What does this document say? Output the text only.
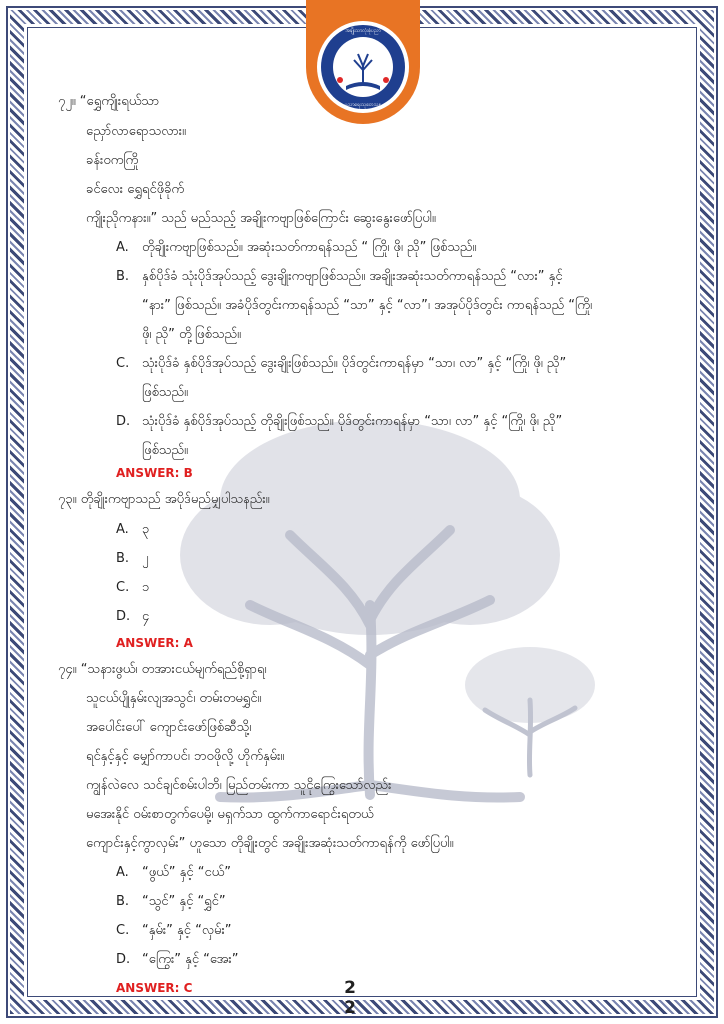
အချိုးသာလုံးစုံပညာ
ပညာရေးသုတေသန
၇၂။ “ရွှေကျိုးရယ်သာ
ညှော်လာရောသလား။
ခန်းဝကကြို
ခင်လေး ရွှေရင်ဖိုခိုက်
ကျိုးညိုကနား။” သည် မည်သည့် အချိုးကဗျာဖြစ်ကြောင်း ဆွေးနွေးဖော်ပြပါ။
A. တိုချိုးကဗျာဖြစ်သည်။ အဆုံးသတ်ကာရန်သည် “ ကြို၊ ဖို၊ ညို” ဖြစ်သည်။
B. နှစ်ပိုဒ်ခံ သုံးပိုဒ်အုပ်သည့် ဒွေးချိုးကဗျာဖြစ်သည်။ အချိုးအဆုံးသတ်ကာရန်သည် “လား” နှင့်
“နား” ဖြစ်သည်။ အခံပိုဒ်တွင်းကာရန်သည် “သာ” နှင့် “လာ”၊ အအုပ်ပိုဒ်တွင်း ကာရန်သည် “ကြို၊
ဖို၊ ညို” တို့ဖြစ်သည်။
C. သုံးပိုဒ်ခံ နှစ်ပိုဒ်အုပ်သည့် ဒွေးချိုးဖြစ်သည်။ ပိုဒ်တွင်းကာရန်မှာ “သာ၊ လာ” နှင့် “ကြို၊ ဖို၊ ညို”
ဖြစ်သည်။
D. သုံးပိုဒ်ခံ နှစ်ပိုဒ်အုပ်သည့် တိုချိုးဖြစ်သည်။ ပိုဒ်တွင်းကာရန်မှာ “သာ၊ လာ” နှင့် “ကြို၊ ဖို၊ ညို”
ဖြစ်သည်။
ANSWER: B
၇၃။ တိုချိုးကဗျာသည် အပိုဒ်မည်မျှပါသနည်း။
A. ၃
B. ၂
C. ၁
D. ၄
ANSWER: A
၇၄။ “သနားဖွယ်၊ တအားငယ်မျက်ရည်စို့ရှာရ၊
သူငယ်ပျိုနှမ်းလျအသွင်၊ တမ်းတမရွှင်။
အပေါင်းပေါ် ကျောင်းဖော်ဖြစ်ဆီသို့၊
ရင်နှင့်နှင့် မျှော်ကာပင်၊ ဘဝဖိုလို့ ဟိုက်နှမ်း။
ကျွန်လဲလေ သင်ချင်စမ်းပါဘိ၊ မြည်တမ်းကာ သူငိုကြွေးသော်လည်း
မအေးနိုင် ဝမ်းစာတွက်ပေမို့၊ မရှက်သာ ထွက်ကာရောင်းရတယ်
ကျောင်းနှင့်ကွာလှမ်း” ဟူသော တိုချိုးတွင် အချိုးအဆုံးသတ်ကာရန်ကို ဖော်ပြပါ။
A. “ဖွယ်” နှင့် “ငယ်”
B. “သွင်” နှင့် “ရွှင်”
C. “နှမ်း” နှင့် “လှမ်း”
D. “ကြွေး” နှင့် “အေး”
ANSWER: C	2 2
